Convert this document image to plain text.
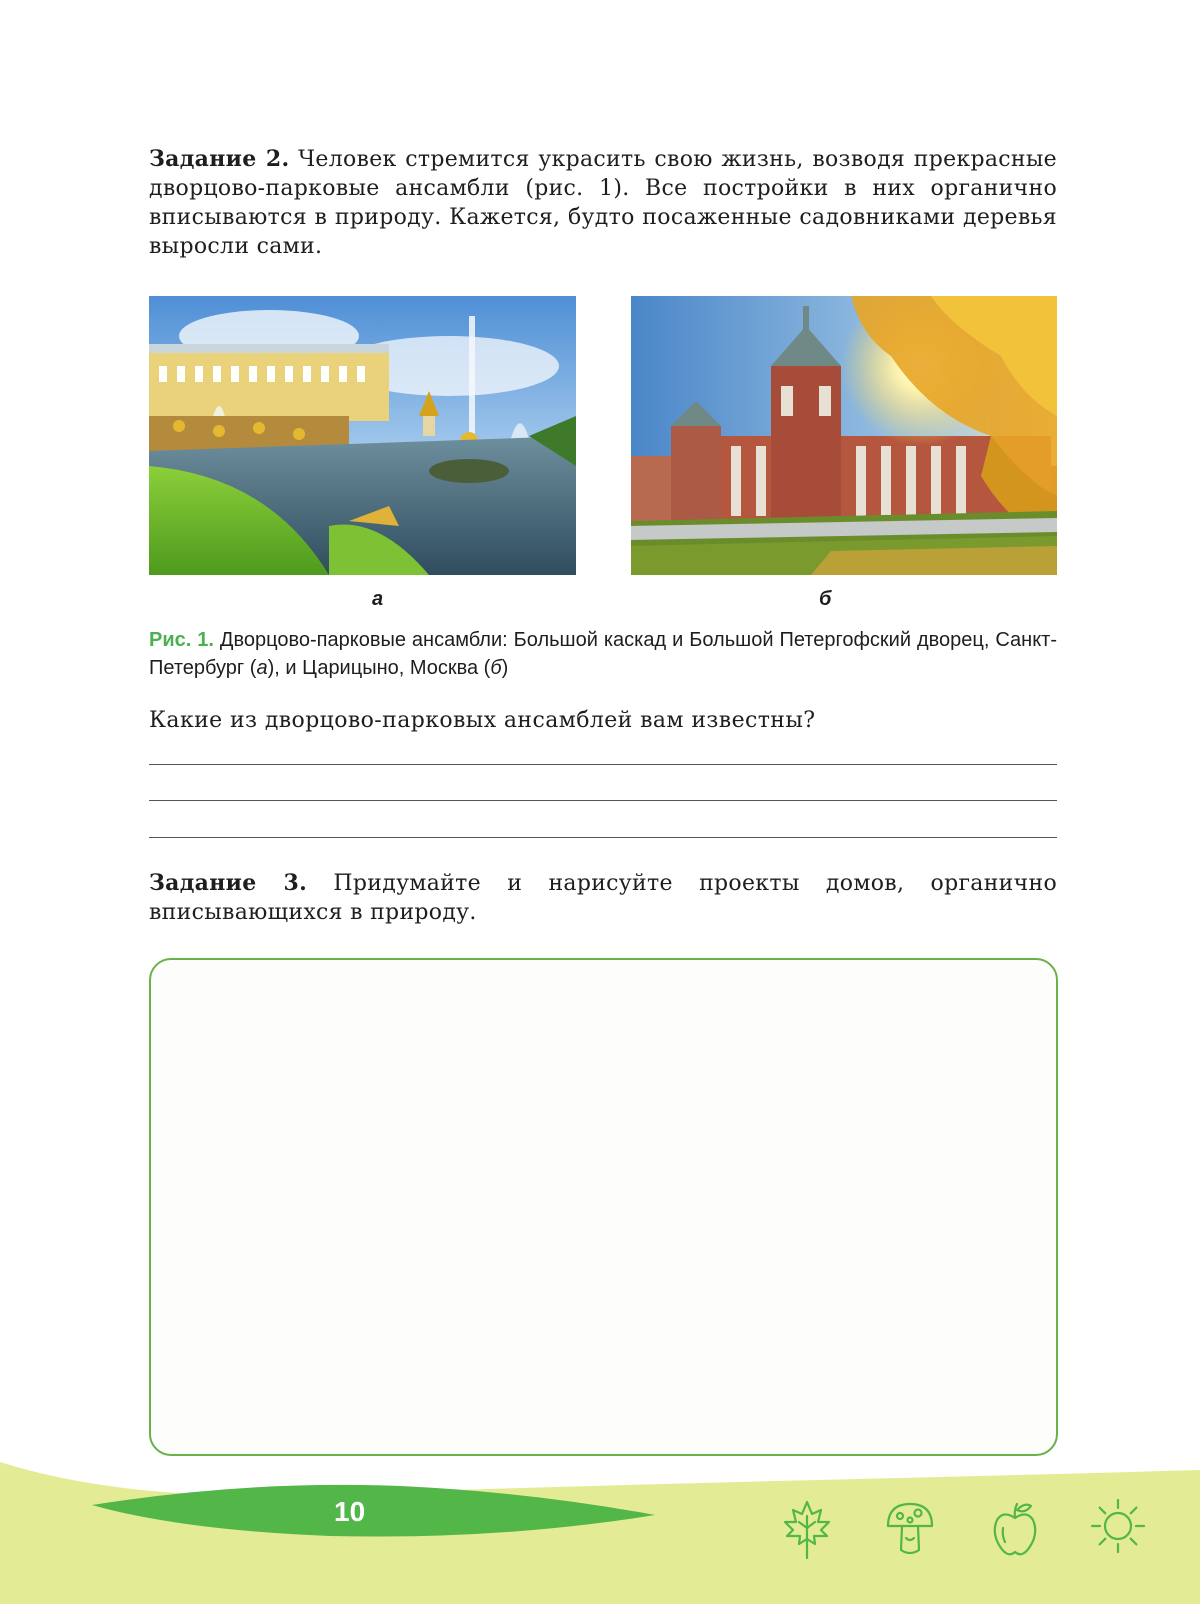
Задание 2. Человек стремится украсить свою жизнь, возводя прекрасные дворцово-парковые ансамбли (рис. 1). Все постройки в них органично вписываются в природу. Кажется, будто посаженные садовниками деревья выросли сами.

а	б

Рис. 1. Дворцово-парковые ансамбли: Большой каскад и Большой Петергофский дворец, Санкт-Петербург (а), и Царицыно, Москва (б)

Какие из дворцово-парковых ансамблей вам известны?

Задание 3. Придумайте и нарисуйте проекты домов, органично вписывающихся в природу.

10
